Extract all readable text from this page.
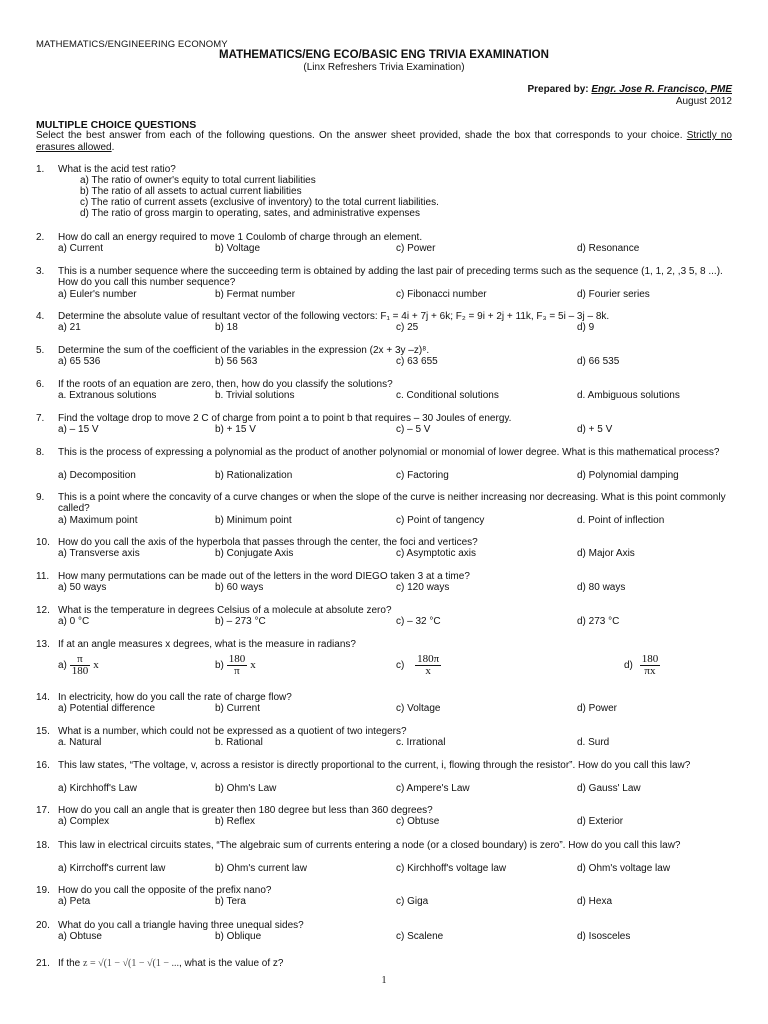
MATHEMATICS/ENGINEERING ECONOMY
MATHEMATICS/ENG ECO/BASIC ENG TRIVIA EXAMINATION
(Linx Refreshers Trivia Examination)
Prepared by: Engr. Jose R. Francisco, PME
August 2012
MULTIPLE CHOICE QUESTIONS
Select the best answer from each of the following questions. On the answer sheet provided, shade the box that corresponds to your choice. Strictly no erasures allowed.
1.	What is the acid test ratio?
a) The ratio of owner's equity to total current liabilities
b) The ratio of all assets to actual current liabilities
c) The ratio of current assets (exclusive of inventory) to the total current liabilities.
d) The ratio of gross margin to operating, sates, and administrative expenses
2.	How do call an energy required to move 1 Coulomb of charge through an element.
a) Current	b) Voltage	c) Power	d) Resonance
3.	This is a number sequence where the succeeding term is obtained by adding the last pair of preceding terms such as the sequence (1, 1, 2, ,3 5, 8 ...). How do you call this number sequence?
a) Euler's number	b) Fermat number	c) Fibonacci number	d) Fourier series
4.	Determine the absolute value of resultant vector of the following vectors: F₁ = 4i + 7j + 6k; F₂ = 9i + 2j + 11k, F₃ = 5i – 3j – 8k.
a) 21	b) 18	c) 25	d) 9
5.	Determine the sum of the coefficient of the variables in the expression (2x + 3y –z)⁸.
a) 65 536	b) 56 563	c) 63 655	d) 66 535
6.	If the roots of an equation are zero, then, how do you classify the solutions?
a. Extranous solutions	b. Trivial solutions	c. Conditional solutions	d. Ambiguous solutions
7.	Find the voltage drop to move 2 C of charge from point a to point b that requires – 30 Joules of energy.
a) – 15 V	b) + 15 V	c) – 5 V	d) + 5 V
8.	This is the process of expressing a polynomial as the product of another polynomial or monomial of lower degree. What is this mathematical process?
a) Decomposition	b) Rationalization	c) Factoring	d) Polynomial damping
9.	This is a point where the concavity of a curve changes or when the slope of the curve is neither increasing nor decreasing. What is this point commonly called?
a) Maximum point	b) Minimum point	c) Point of tangency	d. Point of inflection
10. How do you call the axis of the hyperbola that passes through the center, the foci and vertices?
a) Transverse axis	b) Conjugate Axis	c) Asymptotic axis	d) Major Axis
11. How many permutations can be made out of the letters in the word DIEGO taken 3 at a time?
a) 50 ways	b) 60 ways	c) 120 ways	d) 80 ways
12. What is the temperature in degrees Celsius of a molecule at absolute zero?
a) 0 °C	b) – 273 °C	c) – 32 °C	d) 273 °C
13. If at an angle measures x degrees, what is the measure in radians?
$a) \frac{\pi}{180}$ x	$b) \frac{180}{\pi}$ x	$c) \frac{180\pi}{x}$	$d) \frac{180}{\pi x}$
14. In electricity, how do you call the rate of charge flow?
a) Potential difference	b) Current	c) Voltage	d) Power
15. What is a number, which could not be expressed as a quotient of two integers?
a. Natural	b. Rational	c. Irrational	d. Surd
16. This law states, “The voltage, v, across a resistor is directly proportional to the current, i, flowing through the resistor”. How do you call this law?
a) Kirchhoff's Law	b) Ohm's Law	c) Ampere's Law	d) Gauss' Law
17. How do you call an angle that is greater then 180 degree but less than 360 degrees?
a) Complex	b) Reflex	c) Obtuse	d) Exterior
18. This law in electrical circuits states, “The algebraic sum of currents entering a node (or a closed boundary) is zero”. How do you call this law?
a) Kirrchoff's current law	b) Ohm's current law	c) Kirchhoff's voltage law	d) Ohm's voltage law
19. How do you call the opposite of the prefix nano?
a) Peta	b) Tera	c) Giga	d) Hexa
20. What do you call a triangle having three unequal sides?
a) Obtuse	b) Oblique	c) Scalene	d) Isosceles
21. If the z = √(1 − √(1 − √(1 − ..., what is the value of z?
1
